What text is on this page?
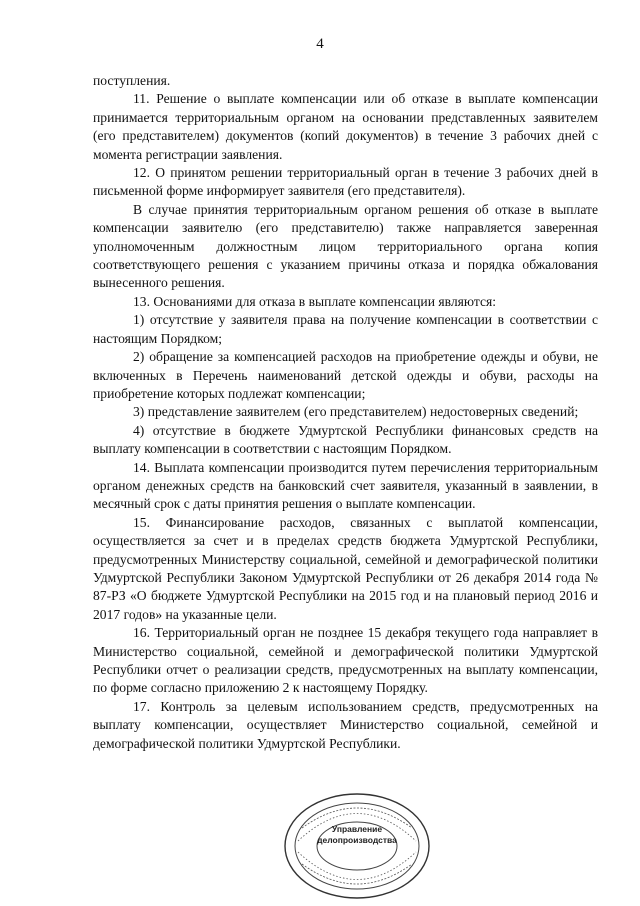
4

поступления.

11. Решение о выплате компенсации или об отказе в выплате компенсации принимается территориальным органом на основании представленных заявителем (его представителем) документов (копий документов) в течение 3 рабочих дней с момента регистрации заявления.

12. О принятом решении территориальный орган в течение 3 рабочих дней в письменной форме информирует заявителя (его представителя).

В случае принятия территориальным органом решения об отказе в выплате компенсации заявителю (его представителю) также направляется заверенная уполномоченным должностным лицом территориального органа копия соответствующего решения с указанием причины отказа и порядка обжалования вынесенного решения.

13. Основаниями для отказа в выплате компенсации являются:

1) отсутствие у заявителя права на получение компенсации в соответствии с настоящим Порядком;

2) обращение за компенсацией расходов на приобретение одежды и обуви, не включенных в Перечень наименований детской одежды и обуви, расходы на приобретение которых подлежат компенсации;

3) представление заявителем (его представителем) недостоверных сведений;

4) отсутствие в бюджете Удмуртской Республики финансовых средств на выплату компенсации в соответствии с настоящим Порядком.

14. Выплата компенсации производится путем перечисления территориальным органом денежных средств на банковский счет заявителя, указанный в заявлении, в месячный срок с даты принятия решения о выплате компенсации.

15. Финансирование расходов, связанных с выплатой компенсации, осуществляется за счет и в пределах средств бюджета Удмуртской Республики, предусмотренных Министерству социальной, семейной и демографической политики Удмуртской Республики Законом Удмуртской Республики от 26 декабря 2014 года № 87-РЗ «О бюджете Удмуртской Республики на 2015 год и на плановый период 2016 и 2017 годов» на указанные цели.

16. Территориальный орган не позднее 15 декабря текущего года направляет в Министерство социальной, семейной и демографической политики Удмуртской Республики отчет о реализации средств, предусмотренных на выплату компенсации, по форме согласно приложению 2 к настоящему Порядку.

17. Контроль за целевым использованием средств, предусмотренных на выплату компенсации, осуществляет Министерство социальной, семейной и демографической политики Удмуртской Республики.

Управление
делопроизводства
